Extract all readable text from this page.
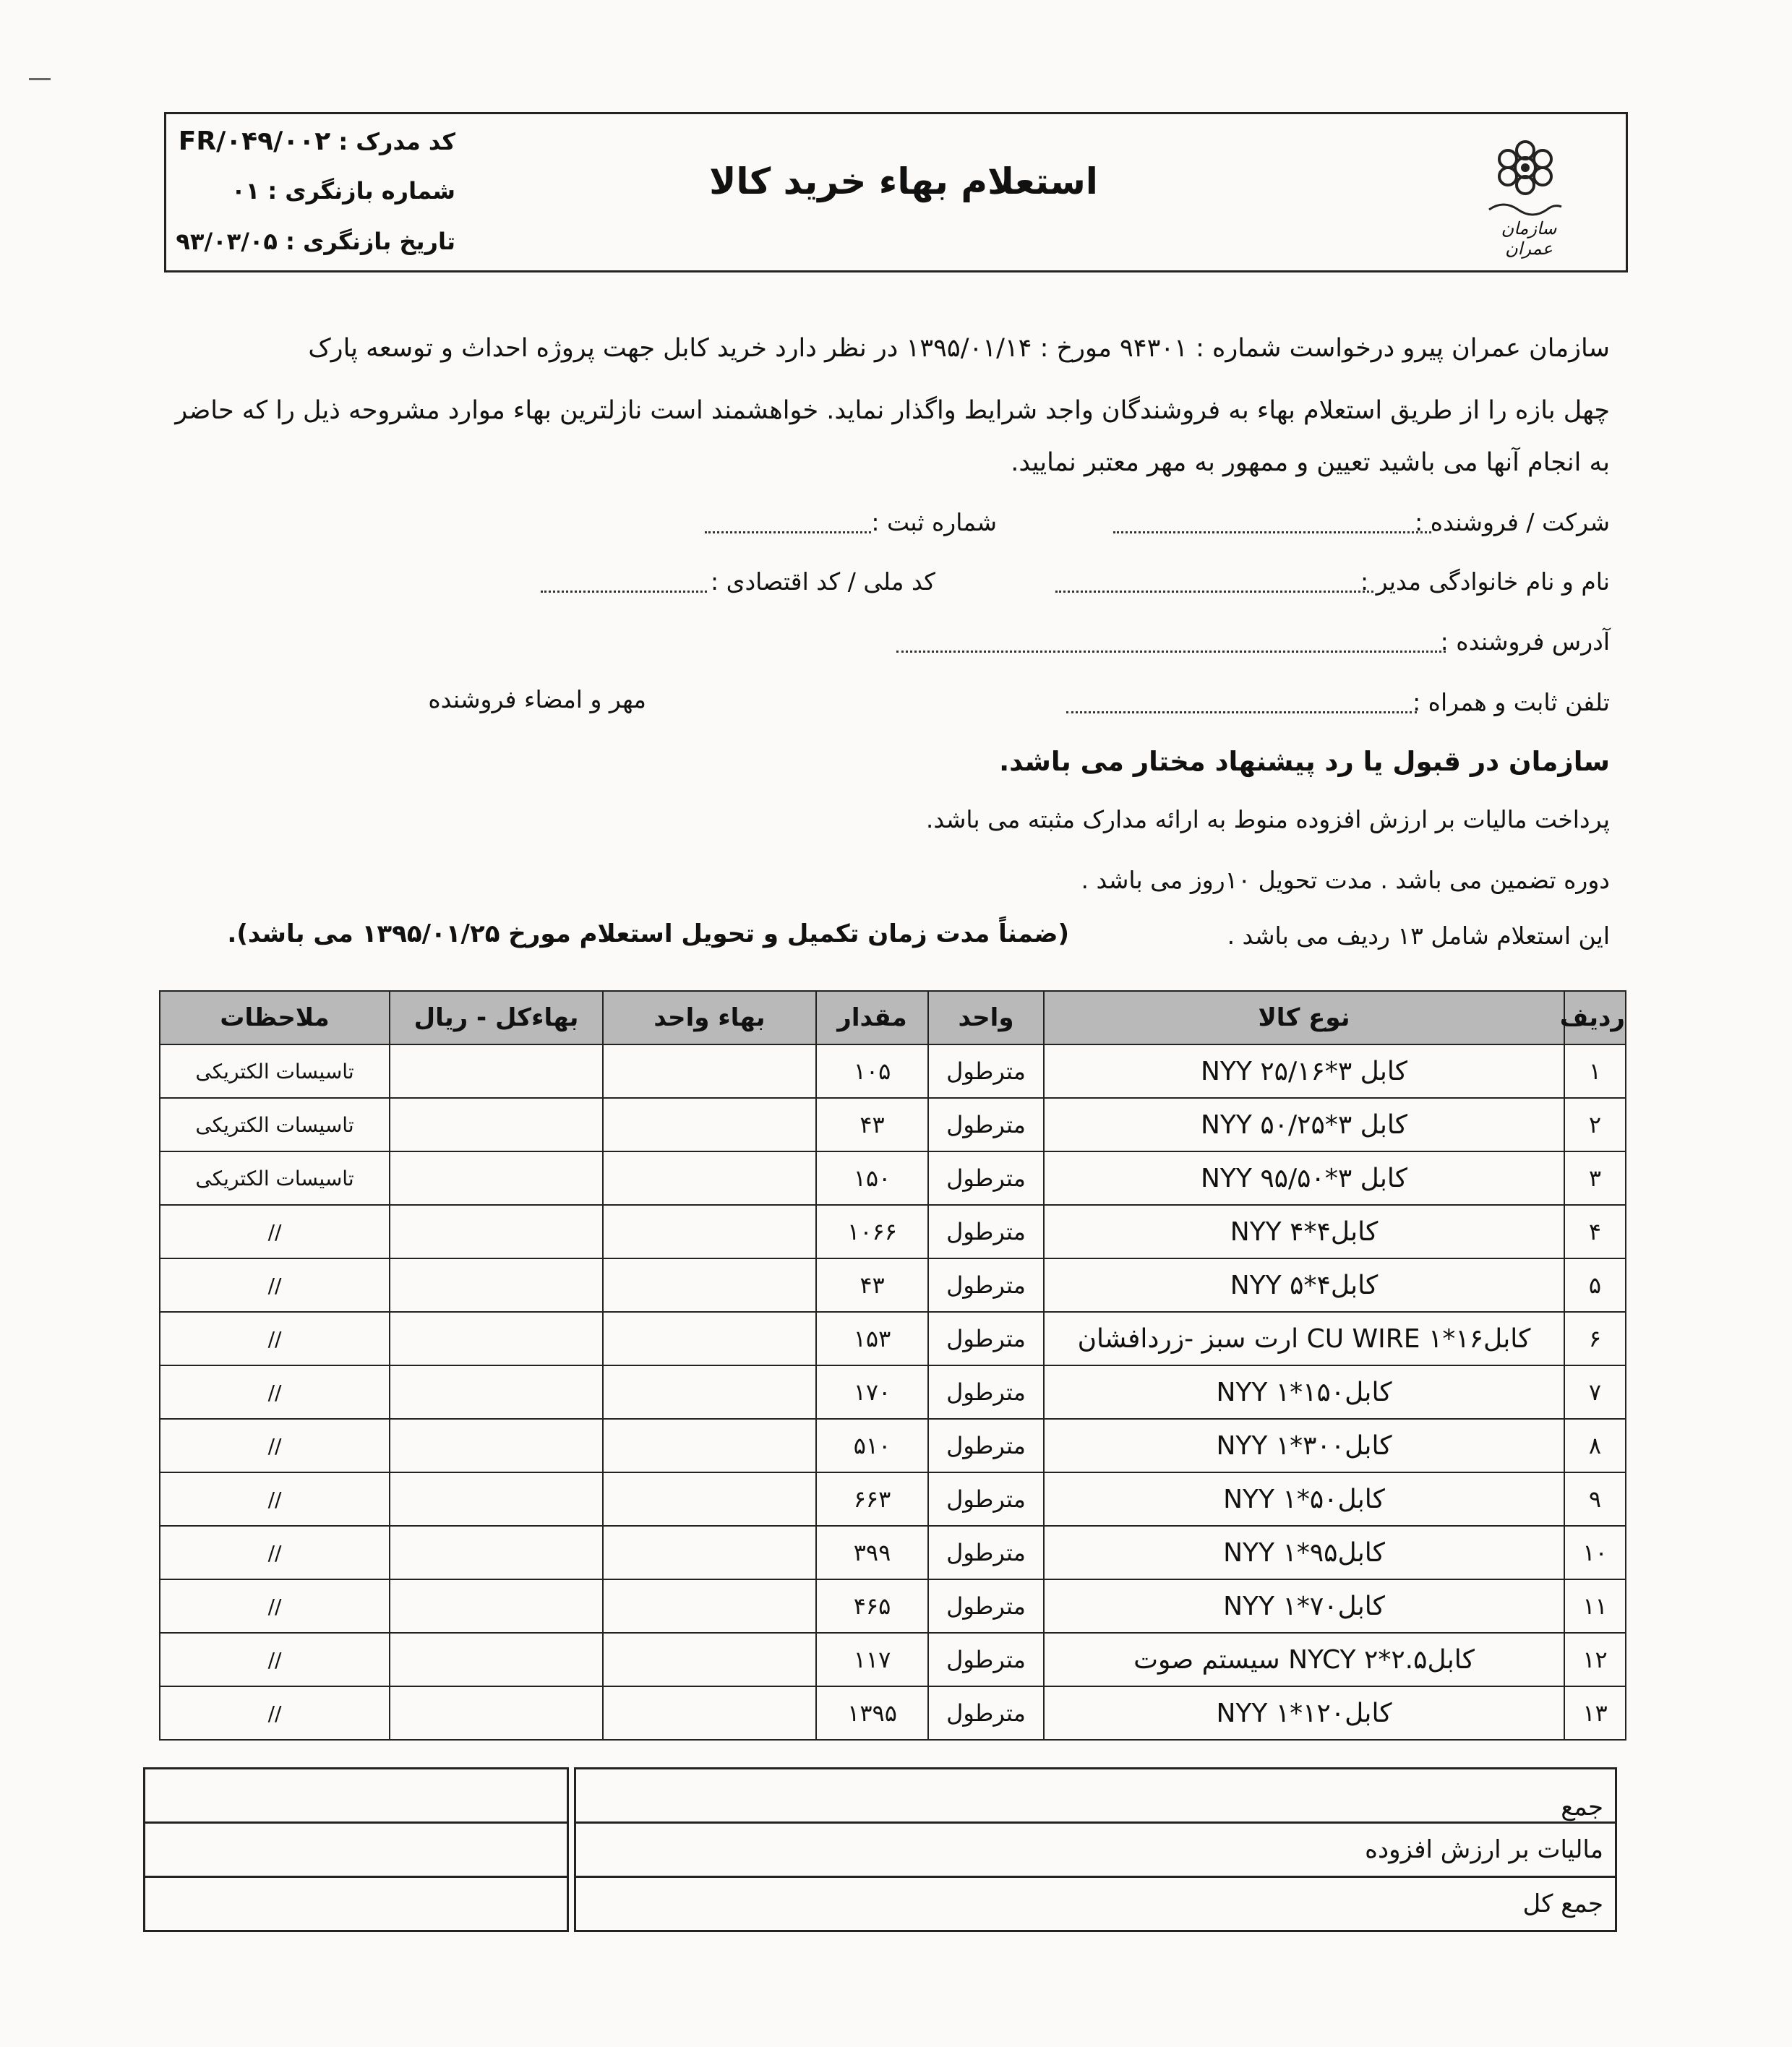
سازمان عمران
استعلام بهاء خرید کالا
کد مدرک : FR/۰۴۹/۰۰۲
شماره بازنگری : ۰۱
تاریخ بازنگری : ۹۳/۰۳/۰۵
سازمان عمران پیرو درخواست شماره : ۹۴۳۰۱ مورخ : ۱۳۹۵/۰۱/۱۴ در نظر دارد خرید کابل جهت پروژه احداث و توسعه پارک
چهل بازه را از طریق استعلام بهاء به فروشندگان واجد شرایط واگذار نماید. خواهشمند است نازلترین بهاء موارد مشروحه ذیل را که حاضر
به انجام آنها می باشید تعیین و ممهور به مهر معتبر نمایید.
شرکت / فروشنده :
شماره ثبت :
نام و نام خانوادگی مدیر :
کد ملی / کد اقتصادی :
آدرس فروشنده :
تلفن ثابت و همراه :
مهر و امضاء فروشنده
سازمان در قبول یا رد پیشنهاد مختار می باشد.
پرداخت مالیات بر ارزش افزوده منوط به ارائه مدارک مثبته می باشد.
دوره تضمین می باشد . مدت تحویل ۱۰روز می باشد .
این استعلام شامل ۱۳ ردیف می باشد .
(ضمناً مدت زمان تکمیل و تحویل استعلام مورخ ۱۳۹۵/۰۱/۲۵ می باشد).
ردیف	نوع کالا	واحد	مقدار	بهاء واحد	بهاءکل - ریال	ملاحظات
۱	کابل ۳*۲۵/۱۶ NYY	مترطول	۱۰۵			تاسیسات الکتریکی
۲	کابل ۳*۵۰/۲۵ NYY	مترطول	۴۳			تاسیسات الکتریکی
۳	کابل ۳*۹۵/۵۰ NYY	مترطول	۱۵۰			تاسیسات الکتریکی
۴	کابل۴*۴ NYY	مترطول	۱۰۶۶			//
۵	کابل۴*۵ NYY	مترطول	۴۳			//
۶	کابل۱۶*۱ CU WIRE ارت سبز -زردافشان	مترطول	۱۵۳			//
۷	کابل۱۵۰*۱ NYY	مترطول	۱۷۰			//
۸	کابل۳۰۰*۱ NYY	مترطول	۵۱۰			//
۹	کابل۵۰*۱ NYY	مترطول	۶۶۳			//
۱۰	کابل۹۵*۱ NYY	مترطول	۳۹۹			//
۱۱	کابل۷۰*۱ NYY	مترطول	۴۶۵			//
۱۲	کابل۲.۵*۲ NYCY سیستم صوت	مترطول	۱۱۷			//
۱۳	کابل۱۲۰*۱ NYY	مترطول	۱۳۹۵			//
جمع		
مالیات بر ارزش افزوده		
جمع کل		
